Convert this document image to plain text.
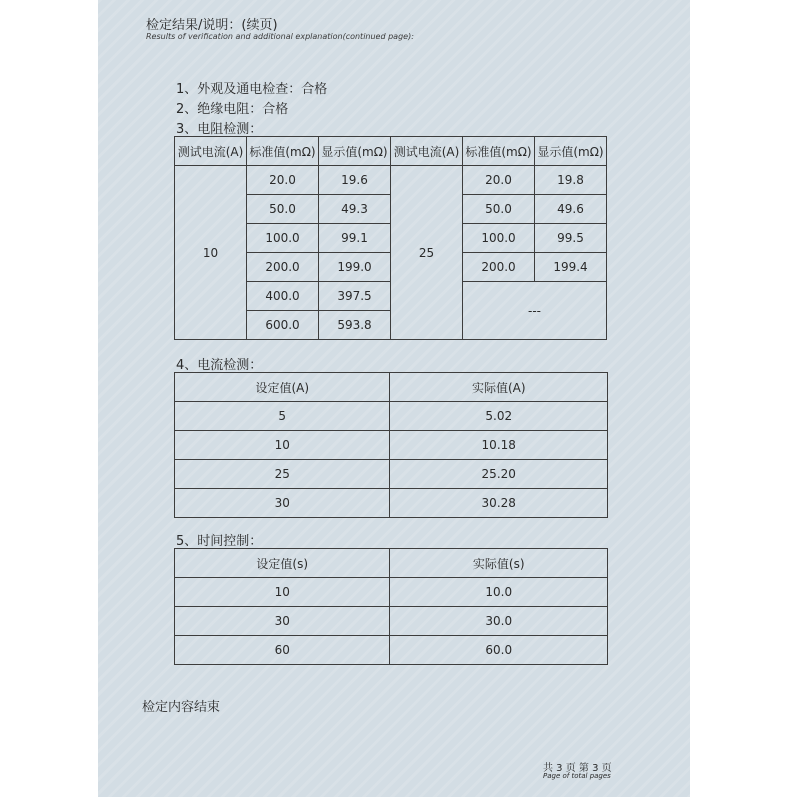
检定结果/说明：(续页)
Results of verification and additional explanation(continued page):
1、外观及通电检查：合格
2、绝缘电阻：合格
3、电阻检测：
测试电流(A)	标准值(mΩ)	显示值(mΩ)	测试电流(A)	标准值(mΩ)	显示值(mΩ)
10	20.0	19.6	25	20.0	19.8
	50.0	49.3		50.0	49.6
	100.0	99.1		100.0	99.5
	200.0	199.0		200.0	199.4
	400.0	397.5		---	
	600.0	593.8			
4、电流检测：
设定值(A)	实际值(A)
5	5.02
10	10.18
25	25.20
30	30.28
5、时间控制：
设定值(s)	实际值(s)
10	10.0
30	30.0
60	60.0
检定内容结束
共 3 页 第 3 页
Page of total pages
